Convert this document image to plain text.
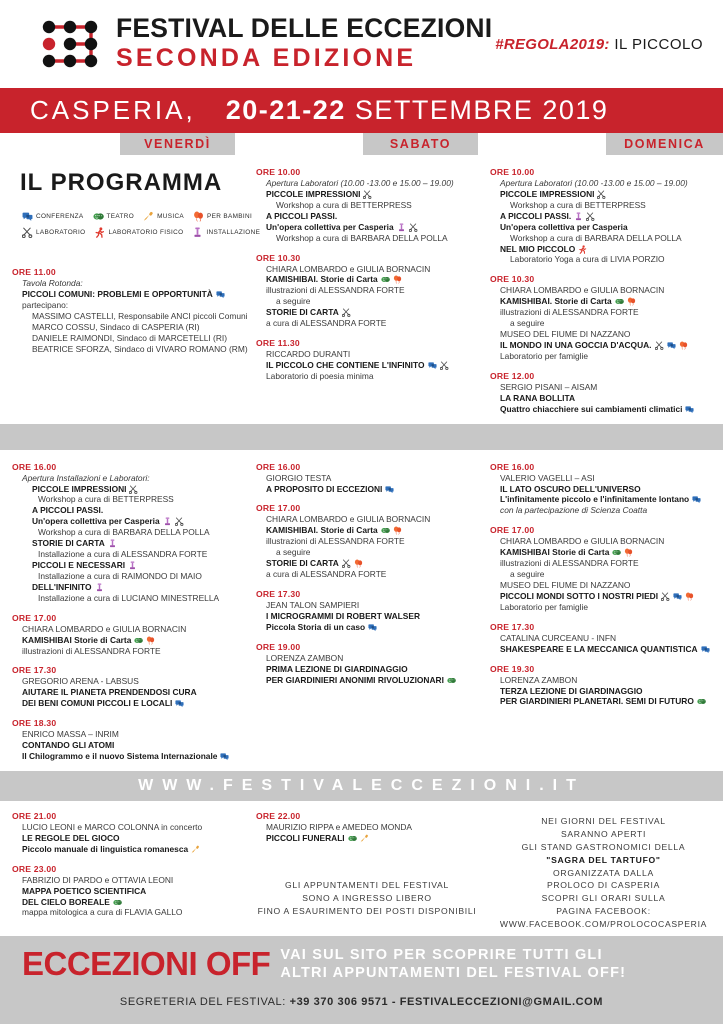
FESTIVAL DELLE ECCEZIONI
SECONDA EDIZIONE
#REGOLA2019: IL PICCOLO
CASPERIA, 20-21-22 SETTEMBRE 2019
VENERDÌ	SABATO	DOMENICA
IL PROGRAMMA
CONFERENZA	TEATRO	MUSICA	PER BAMBINI
LABORATORIO	LABORATORIO FISICO	INSTALLAZIONE
ORE 11.00
Tavola Rotonda:
PICCOLI COMUNI: PROBLEMI E OPPORTUNITÀ
partecipano:
MASSIMO CASTELLI, Responsabile ANCI piccoli Comuni
MARCO COSSU, Sindaco di CASPERIA (RI)
DANIELE RAIMONDI, Sindaco di MARCETELLI (RI)
BEATRICE SFORZA, Sindaco di VIVARO ROMANO (RM)
ORE 10.00
Apertura Laboratori (10.00 -13.00 e 15.00 – 19.00)
PICCOLE IMPRESSIONI
Workshop a cura di BETTERPRESS
A PICCOLI PASSI.
Un'opera collettiva per Casperia
Workshop a cura di BARBARA DELLA POLLA
ORE 10.30
CHIARA LOMBARDO e GIULIA BORNACIN
KAMISHIBAI. Storie di Carta
illustrazioni di ALESSANDRA FORTE
a seguire
STORIE DI CARTA
a cura di ALESSANDRA FORTE
ORE 11.30
RICCARDO DURANTI
IL PICCOLO CHE CONTIENE L'INFINITO
Laboratorio di poesia minima
ORE 10.00
Apertura Laboratori (10.00 -13.00 e 15.00 – 19.00)
PICCOLE IMPRESSIONI
Workshop a cura di BETTERPRESS
A PICCOLI PASSI.
Un'opera collettiva per Casperia
Workshop a cura di BARBARA DELLA POLLA
NEL MIO PICCOLO
Laboratorio Yoga a cura di LIVIA PORZIO
ORE 10.30
CHIARA LOMBARDO e GIULIA BORNACIN
KAMISHIBAI. Storie di Carta
illustrazioni di ALESSANDRA FORTE
a seguire
MUSEO DEL FIUME DI NAZZANO
IL MONDO IN UNA GOCCIA D'ACQUA.
Laboratorio per famiglie
ORE 12.00
SERGIO PISANI – AISAM
LA RANA BOLLITA
Quattro chiacchiere sui cambiamenti climatici
ORE 16.00
Apertura Installazioni e Laboratori:
PICCOLE IMPRESSIONI
Workshop a cura di BETTERPRESS
A PICCOLI PASSI.
Un'opera collettiva per Casperia
Workshop a cura di BARBARA DELLA POLLA
STORIE DI CARTA
Installazione a cura di ALESSANDRA FORTE
PICCOLI E NECESSARI
Installazione a cura di RAIMONDO DI MAIO
DELL'INFINITO
Installazione a cura di LUCIANO MINESTRELLA
ORE 17.00
CHIARA LOMBARDO e GIULIA BORNACIN
KAMISHIBAI Storie di Carta
illustrazioni di ALESSANDRA FORTE
ORE 17.30
GREGORIO ARENA - LABSUS
AIUTARE IL PIANETA PRENDENDOSI CURA
DEI BENI COMUNI PICCOLI E LOCALI
ORE 18.30
ENRICO MASSA – INRIM
CONTANDO GLI ATOMI
Il Chilogrammo e il nuovo Sistema Internazionale
ORE 16.00
GIORGIO TESTA
A PROPOSITO DI ECCEZIONI
ORE 17.00
CHIARA LOMBARDO e GIULIA BORNACIN
KAMISHIBAI. Storie di Carta
illustrazioni di ALESSANDRA FORTE
a seguire
STORIE DI CARTA
a cura di ALESSANDRA FORTE
ORE 17.30
JEAN TALON SAMPIERI
I MICROGRAMMI DI ROBERT WALSER
Piccola Storia di un caso
ORE 19.00
LORENZA ZAMBON
PRIMA LEZIONE DI GIARDINAGGIO
PER GIARDINIERI ANONIMI RIVOLUZIONARI
ORE 16.00
VALERIO VAGELLI – ASI
IL LATO OSCURO DELL'UNIVERSO
L'infinitamente piccolo e l'infinitamente lontano
con la partecipazione di Scienza Coatta
ORE 17.00
CHIARA LOMBARDO e GIULIA BORNACIN
KAMISHIBAI Storie di Carta
illustrazioni di ALESSANDRA FORTE
a seguire
MUSEO DEL FIUME DI NAZZANO
PICCOLI MONDI SOTTO I NOSTRI PIEDI
Laboratorio per famiglie
ORE 17.30
CATALINA CURCEANU - INFN
SHAKESPEARE E LA MECCANICA QUANTISTICA
ORE 19.30
LORENZA ZAMBON
TERZA LEZIONE DI GIARDINAGGIO
PER GIARDINIERI PLANETARI. SEMI DI FUTURO
WWW.FESTIVALECCEZIONI.IT
ORE 21.00
LUCIO LEONI e MARCO COLONNA in concerto
LE REGOLE DEL GIOCO
Piccolo manuale di linguistica romanesca
ORE 23.00
FABRIZIO DI PARDO e OTTAVIA LEONI
MAPPA POETICO SCIENTIFICA
DEL CIELO BOREALE
mappa mitologica a cura di FLAVIA GALLO
ORE 22.00
MAURIZIO RIPPA e AMEDEO MONDA
PICCOLI FUNERALI
GLI APPUNTAMENTI DEL FESTIVAL
SONO A INGRESSO LIBERO
FINO A ESAURIMENTO DEI POSTI DISPONIBILI
NEI GIORNI DEL FESTIVAL
SARANNO APERTI
GLI STAND GASTRONOMICI DELLA
"SAGRA DEL TARTUFO"
ORGANIZZATA DALLA
PROLOCO DI CASPERIA
SCOPRI GLI ORARI SULLA
PAGINA FACEBOOK:
WWW.FACEBOOK.COM/PROLOCOCASPERIA
ECCEZIONI OFF VAI SUL SITO PER SCOPRIRE TUTTI GLI
ALTRI APPUNTAMENTI DEL FESTIVAL OFF!
SEGRETERIA DEL FESTIVAL: +39 370 306 9571 - FESTIVALECCEZIONI@GMAIL.COM
